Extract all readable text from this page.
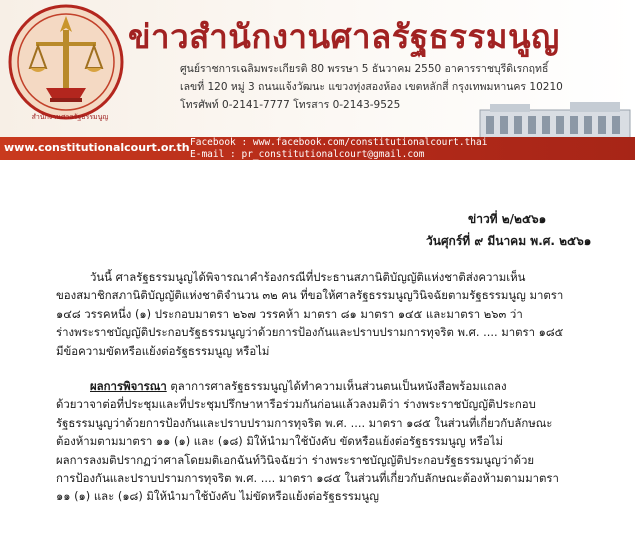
สำนักงานศาลรัฐธรรมนูญ
ข่าวสำนักงานศาลรัฐธรรมนูญ
ศูนย์ราชการเฉลิมพระเกียรติ 80 พรรษา 5 ธันวาคม 2550 อาคารราชบุรีดิเรกฤทธิ์
เลขที่ 120 หมู่ 3 ถนนแจ้งวัฒนะ แขวงทุ่งสองห้อง เขตหลักสี่ กรุงเทพมหานคร 10210
โทรศัพท์ 0-2141-7777 โทรสาร 0-2143-9525
www.constitutionalcourt.or.th Facebook : www.facebook.com/constitutionalcourt.thai
E-mail : pr_constitutionalcourt@gmail.com
ข่าวที่ ๒/๒๕๖๑
วันศุกร์ที่ ๙ มีนาคม พ.ศ. ๒๕๖๑
วันนี้ ศาลรัฐธรรมนูญได้พิจารณาคำร้องกรณีที่ประธานสภานิติบัญญัติแห่งชาติส่งความเห็น
ของสมาชิกสภานิติบัญญัติแห่งชาติจำนวน ๓๒ คน ที่ขอให้ศาลรัฐธรรมนูญวินิจฉัยตามรัฐธรรมนูญ มาตรา
๑๔๘ วรรคหนึ่ง (๑) ประกอบมาตรา ๒๖๗ วรรคห้า มาตรา ๘๑ มาตรา ๑๔๕ และมาตรา ๒๖๓ ว่า
ร่างพระราชบัญญัติประกอบรัฐธรรมนูญว่าด้วยการป้องกันและปราบปรามการทุจริต พ.ศ. .... มาตรา ๑๘๕
มีข้อความขัดหรือแย้งต่อรัฐธรรมนูญ หรือไม่
ผลการพิจารณา ตุลาการศาลรัฐธรรมนูญได้ทำความเห็นส่วนตนเป็นหนังสือพร้อมแถลง
ด้วยวาจาต่อที่ประชุมและที่ประชุมปรึกษาหารือร่วมกันก่อนแล้วลงมติว่า ร่างพระราชบัญญัติประกอบ
รัฐธรรมนูญว่าด้วยการป้องกันและปราบปรามการทุจริต พ.ศ. .... มาตรา ๑๘๕ ในส่วนที่เกี่ยวกับลักษณะ
ต้องห้ามตามมาตรา ๑๑ (๑) และ (๑๘) มิให้นำมาใช้บังคับ ขัดหรือแย้งต่อรัฐธรรมนูญ หรือไม่
ผลการลงมติปรากฏว่าศาลโดยมติเอกฉันท์วินิจฉัยว่า ร่างพระราชบัญญัติประกอบรัฐธรรมนูญว่าด้วย
การป้องกันและปราบปรามการทุจริต พ.ศ. .... มาตรา ๑๘๕ ในส่วนที่เกี่ยวกับลักษณะต้องห้ามตามมาตรา
๑๑ (๑) และ (๑๘) มิให้นำมาใช้บังคับ ไม่ขัดหรือแย้งต่อรัฐธรรมนูญ
